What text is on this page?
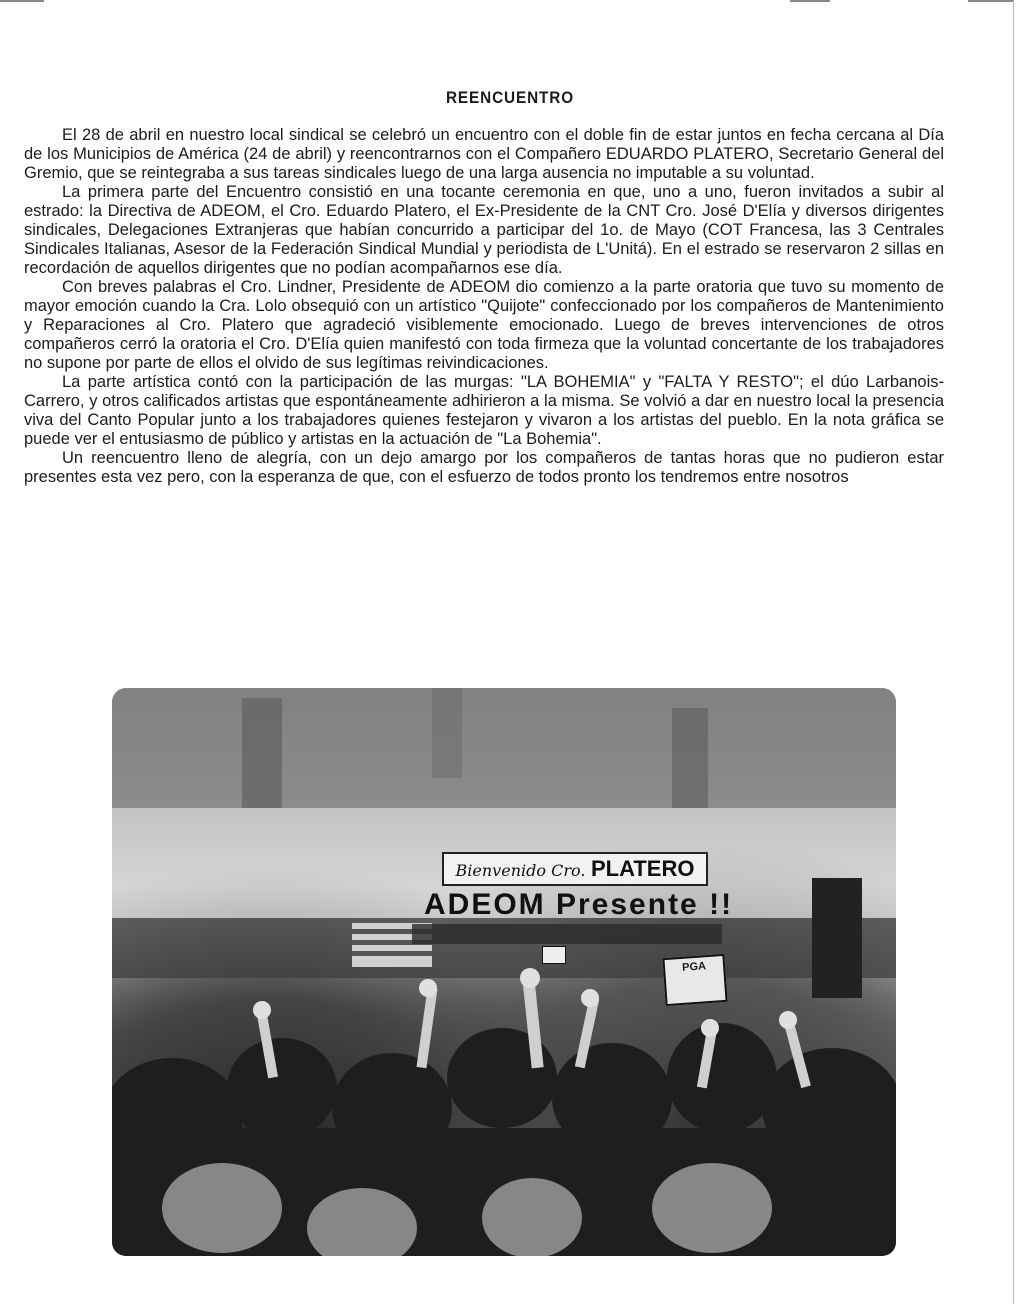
REENCUENTRO

El 28 de abril en nuestro local sindical se celebró un encuentro con el doble fin de estar juntos en fecha cercana al Día de los Municipios de América (24 de abril) y reencontrarnos con el Compañero EDUARDO PLATERO, Secretario General del Gremio, que se reintegraba a sus tareas sindicales luego de una larga ausencia no imputable a su voluntad.

La primera parte del Encuentro consistió en una tocante ceremonia en que, uno a uno, fueron invitados a subir al estrado: la Directiva de ADEOM, el Cro. Eduardo Platero, el Ex-Presidente de la CNT Cro. José D'Elía y diversos dirigentes sindicales, Delegaciones Extranjeras que habían concurrido a participar del 1o. de Mayo (COT Francesa, las 3 Centrales Sindicales Italianas, Asesor de la Federación Sindical Mundial y periodista de L'Unitá). En el estrado se reservaron 2 sillas en recordación de aquellos dirigentes que no podían acompañarnos ese día.

Con breves palabras el Cro. Lindner, Presidente de ADEOM dio comienzo a la parte oratoria que tuvo su momento de mayor emoción cuando la Cra. Lolo obsequió con un artístico "Quijote" confeccionado por los compañeros de Mantenimiento y Reparaciones al Cro. Platero que agradeció visiblemente emocionado. Luego de breves intervenciones de otros compañeros cerró la oratoria el Cro. D'Elía quien manifestó con toda firmeza que la voluntad concertante de los trabajadores no supone por parte de ellos el olvido de sus legítimas reivindicaciones.

La parte artística contó con la participación de las murgas: "LA BOHEMIA" y "FALTA Y RESTO"; el dúo Larbanois-Carrero, y otros calificados artistas que espontáneamente adhirieron a la misma. Se volvió a dar en nuestro local la presencia viva del Canto Popular junto a los trabajadores quienes festejaron y vivaron a los artistas del pueblo. En la nota gráfica se puede ver el entusiasmo de público y artistas en la actuación de "La Bohemia".

Un reencuentro lleno de alegría, con un dejo amargo por los compañeros de tantas horas que no pudieron estar presentes esta vez pero, con la esperanza de que, con el esfuerzo de todos pronto los tendremos entre nosotros

Bienvenido Cro. PLATERO
ADEOM Presente !!
PGA
